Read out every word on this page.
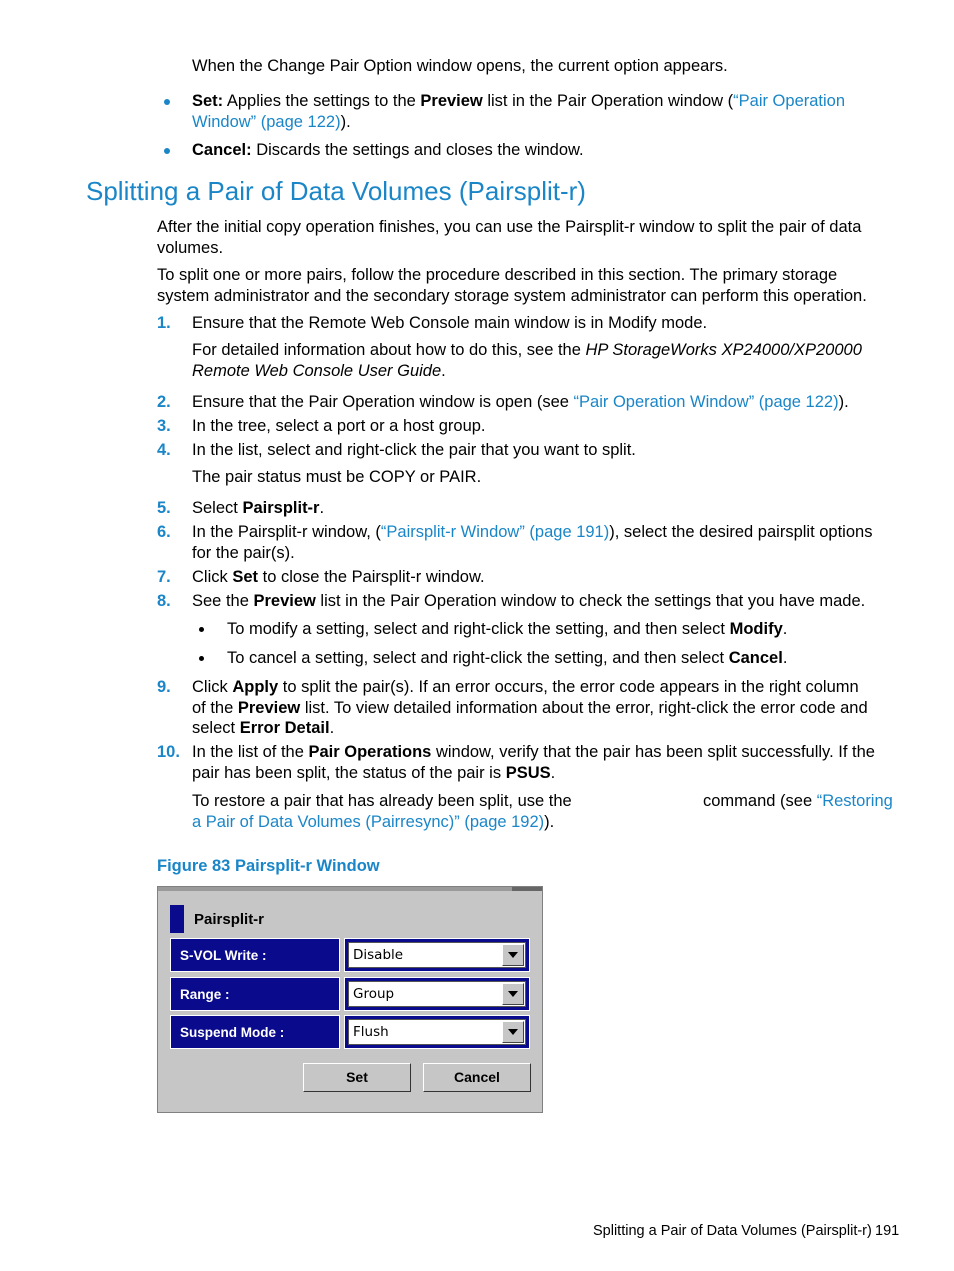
When the Change Pair Option window opens, the current option appears.
Set: Applies the settings to the Preview list in the Pair Operation window (“Pair Operation
Window” (page 122)).
Cancel: Discards the settings and closes the window.
Splitting a Pair of Data Volumes (Pairsplit-r)
After the initial copy operation finishes, you can use the Pairsplit-r window to split the pair of data
volumes.
To split one or more pairs, follow the procedure described in this section. The primary storage
system administrator and the secondary storage system administrator can perform this operation.
1. Ensure that the Remote Web Console main window is in Modify mode.
For detailed information about how to do this, see the HP StorageWorks XP24000/XP20000
Remote Web Console User Guide.
2. Ensure that the Pair Operation window is open (see “Pair Operation Window” (page 122)).
3. In the tree, select a port or a host group.
4. In the list, select and right-click the pair that you want to split.
The pair status must be COPY or PAIR.
5. Select Pairsplit-r.
6. In the Pairsplit-r window, (“Pairsplit-r Window” (page 191)), select the desired pairsplit options
for the pair(s).
7. Click Set to close the Pairsplit-r window.
8. See the Preview list in the Pair Operation window to check the settings that you have made.
To modify a setting, select and right-click the setting, and then select Modify.
To cancel a setting, select and right-click the setting, and then select Cancel.
9. Click Apply to split the pair(s). If an error occurs, the error code appears in the right column
of the Preview list. To view detailed information about the error, right-click the error code and
select Error Detail.
10. In the list of the Pair Operations window, verify that the pair has been split successfully. If the
pair has been split, the status of the pair is PSUS.
To restore a pair that has already been split, use the	command (see “Restoring
a Pair of Data Volumes (Pairresync)” (page 192)).
Figure 83 Pairsplit-r Window
Pairsplit-r
S-VOL Write :	Disable
Range :	Group
Suspend Mode :	Flush
Set	Cancel
Splitting a Pair of Data Volumes (Pairsplit-r) 191
